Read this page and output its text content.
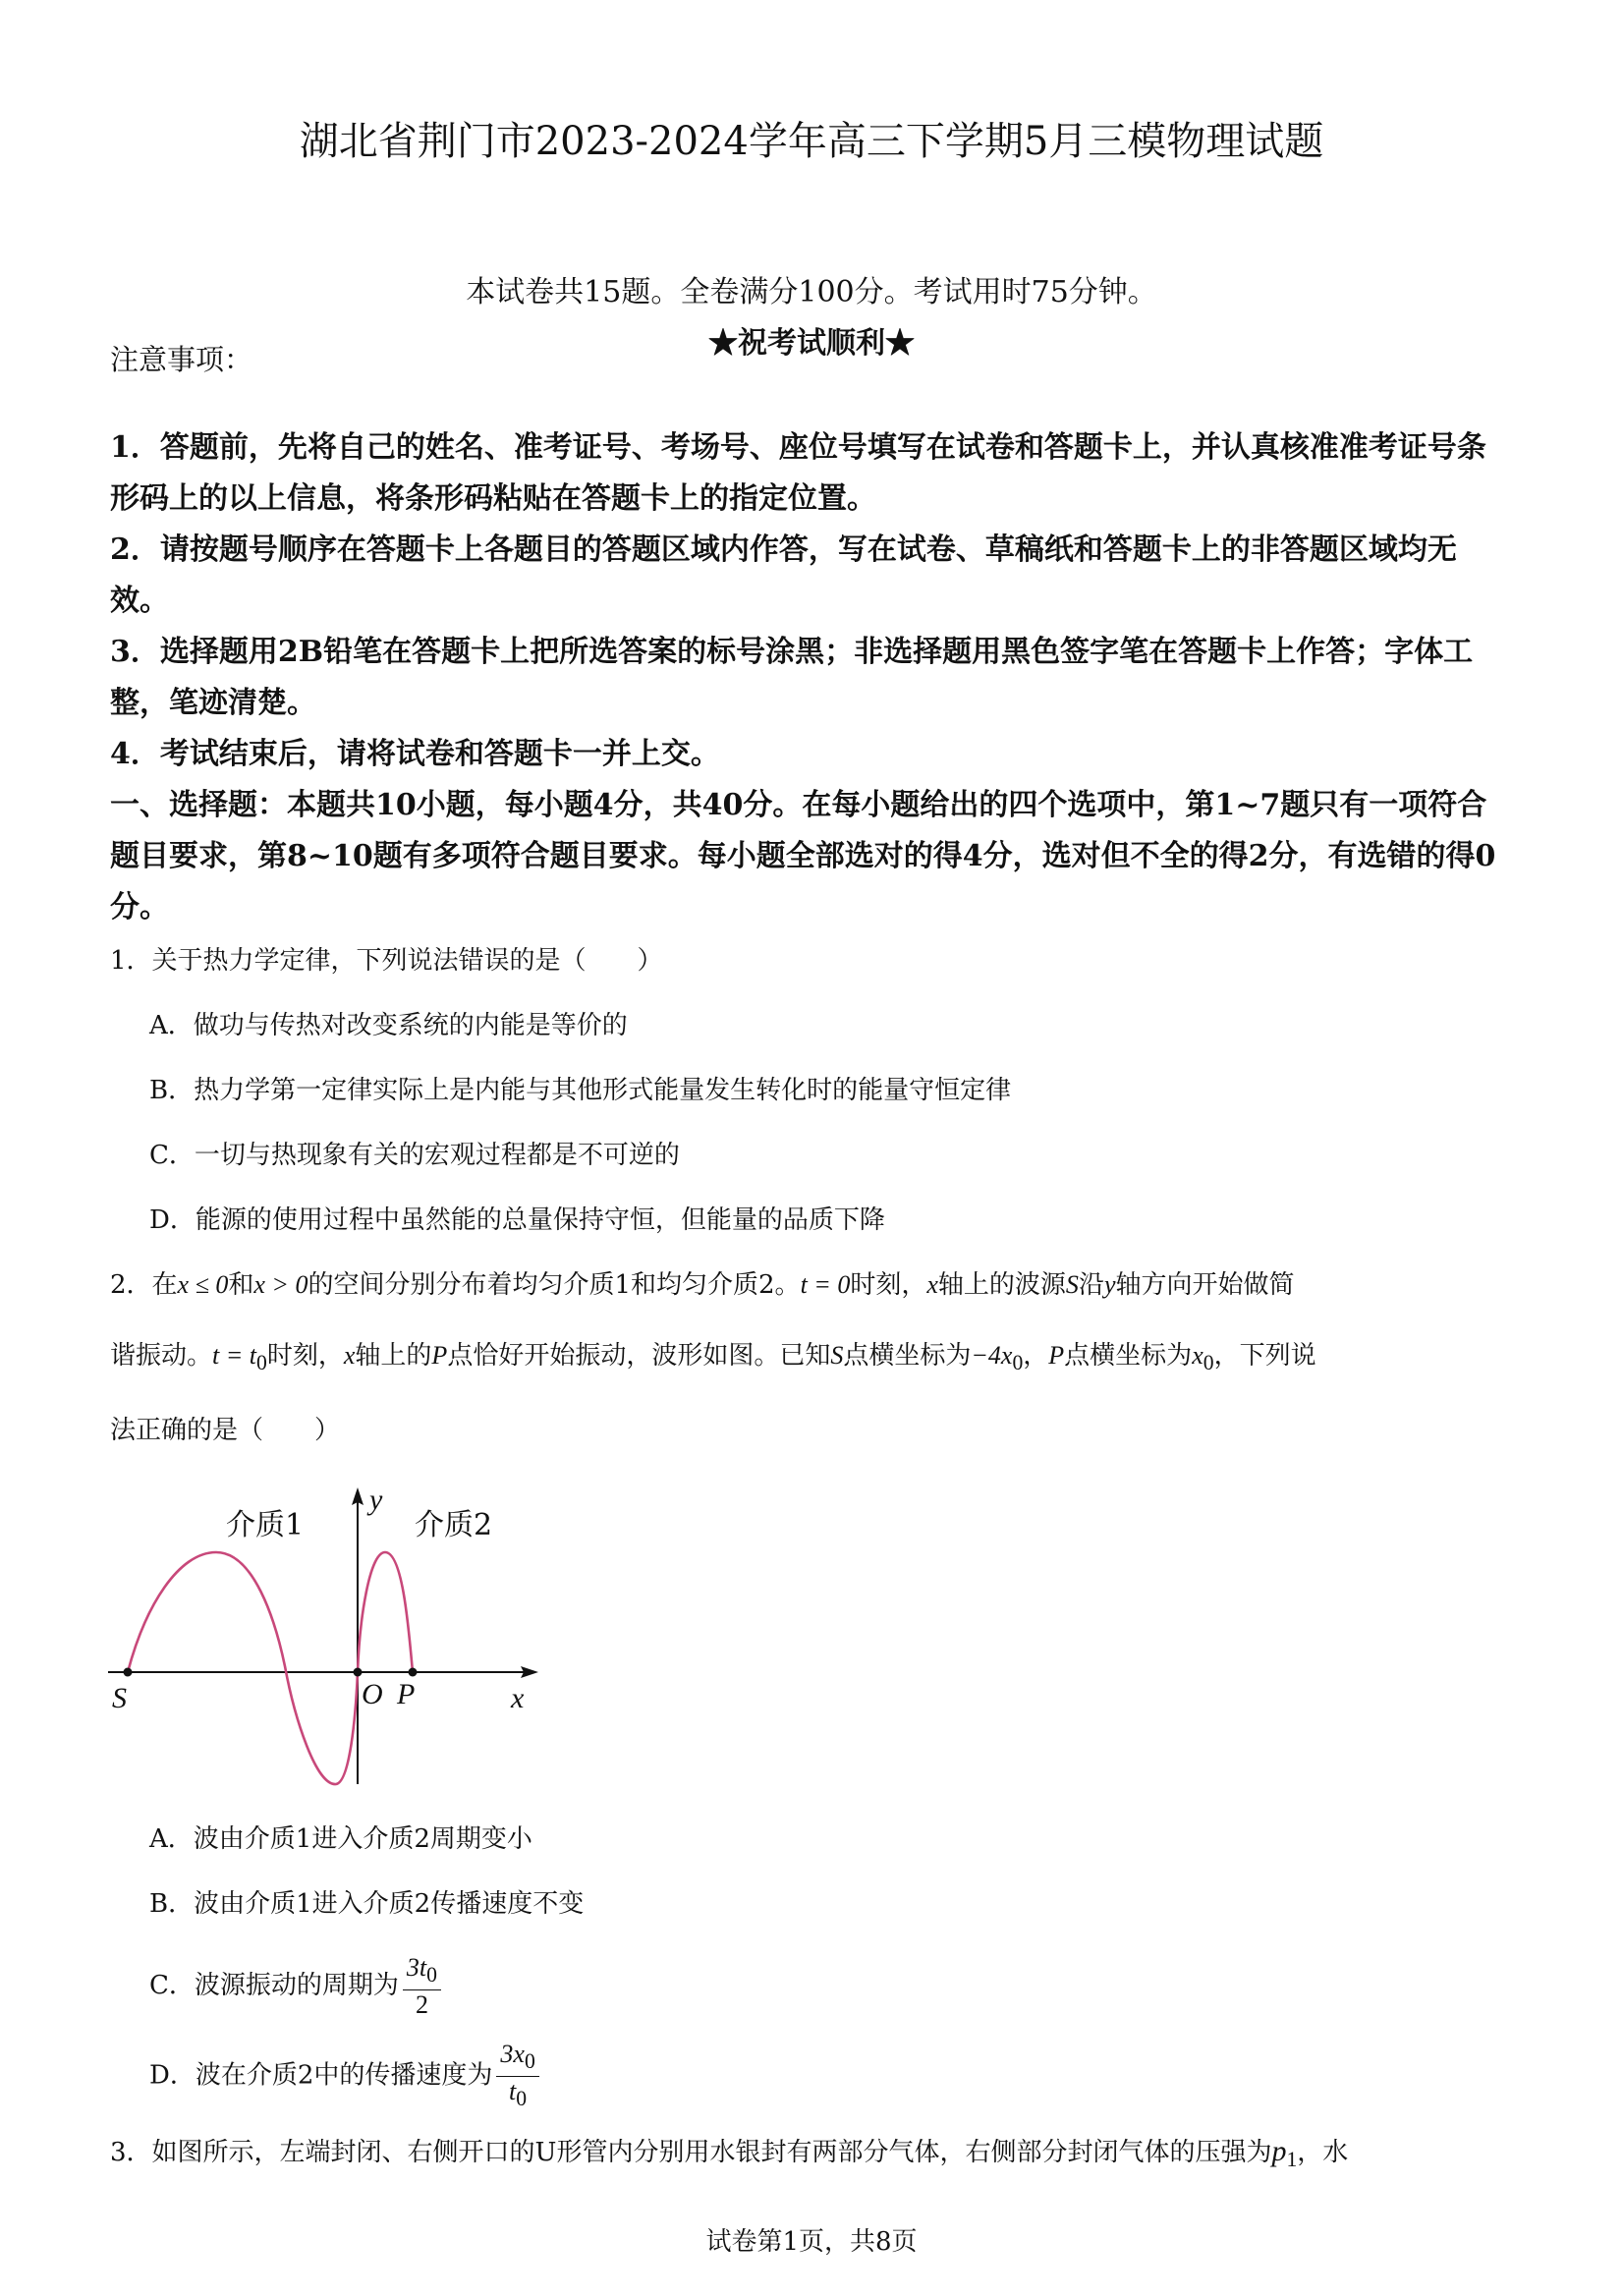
湖北省荆门市2023-2024学年高三下学期5月三模物理试题
本试卷共15题。全卷满分100分。考试用时75分钟。
★祝考试顺利★
注意事项：
1．答题前，先将自己的姓名、准考证号、考场号、座位号填写在试卷和答题卡上，并认真核准准考证号条形码上的以上信息，将条形码粘贴在答题卡上的指定位置。
2．请按题号顺序在答题卡上各题目的答题区域内作答，写在试卷、草稿纸和答题卡上的非答题区域均无效。
3．选择题用2B铅笔在答题卡上把所选答案的标号涂黑；非选择题用黑色签字笔在答题卡上作答；字体工整，笔迹清楚。
4．考试结束后，请将试卷和答题卡一并上交。
一、选择题：本题共10小题，每小题4分，共40分。在每小题给出的四个选项中，第1~7题只有一项符合题目要求，第8~10题有多项符合题目要求。每小题全部选对的得4分，选对但不全的得2分，有选错的得0分。
1．关于热力学定律，下列说法错误的是（　　）
A．做功与传热对改变系统的内能是等价的
B．热力学第一定律实际上是内能与其他形式能量发生转化时的能量守恒定律
C．一切与热现象有关的宏观过程都是不可逆的
D．能源的使用过程中虽然能的总量保持守恒，但能量的品质下降
2．在x ≤ 0和x > 0的空间分别分布着均匀介质1和均匀介质2。t = 0时刻，x轴上的波源S沿y轴方向开始做简
谐振动。$t = t_0$时刻，x轴上的P点恰好开始振动，波形如图。已知S点横坐标为$-4x_0$，P点横坐标为$x_0$，下列说
法正确的是（　　）
介质1	介质2
y
x
S	O P
A．波由介质1进入介质2周期变小
B．波由介质1进入介质2传播速度不变
C．波源振动的周期为 $\frac{3t_0}{2}$
D．波在介质2中的传播速度为 $\frac{3x_0}{t_0}$
3．如图所示，左端封闭、右侧开口的U形管内分别用水银封有两部分气体，右侧部分封闭气体的压强为$p_1$，水
试卷第1页，共8页
